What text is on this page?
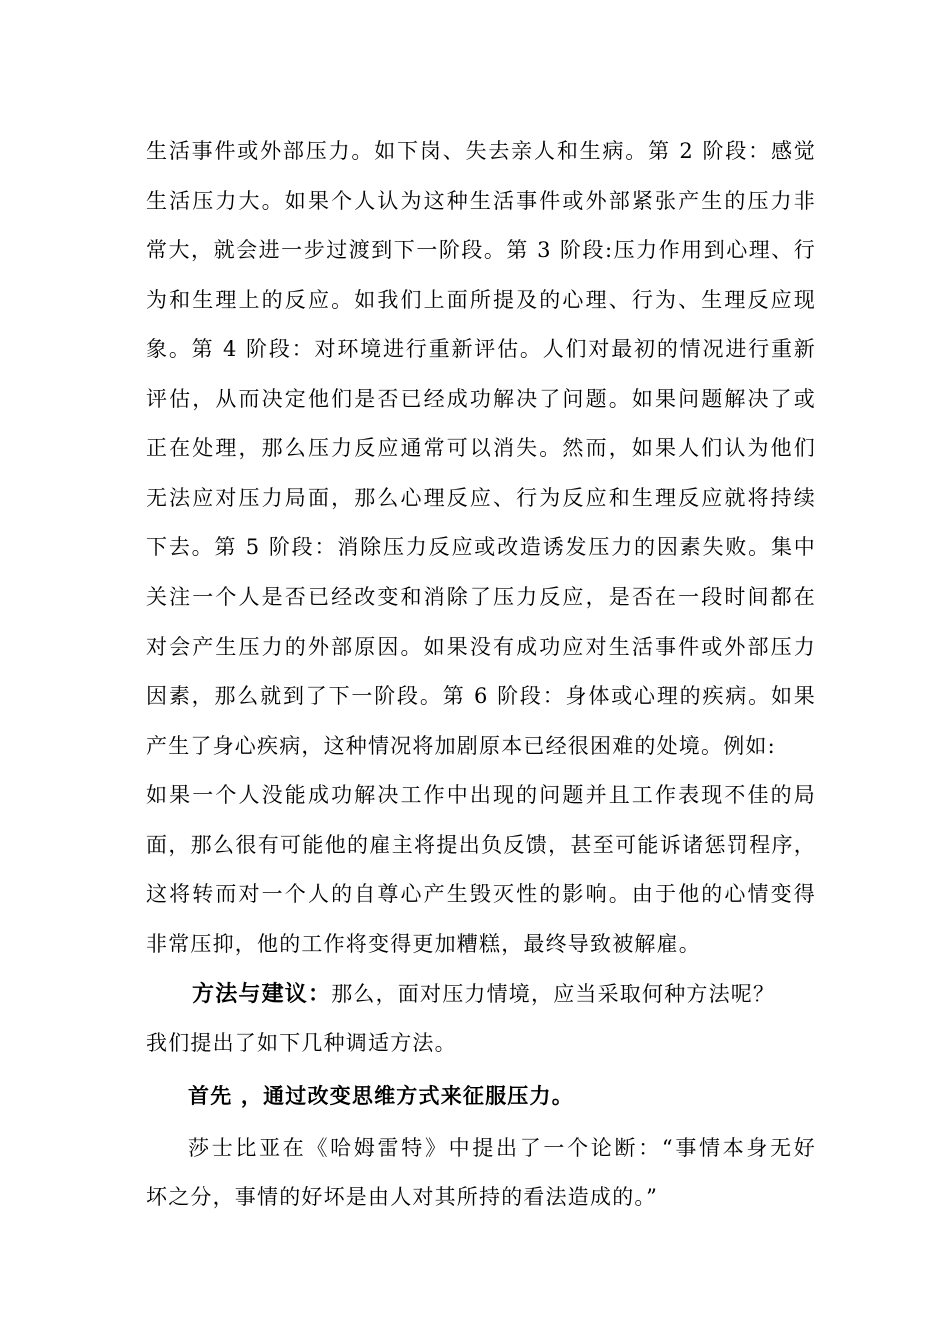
生活事件或外部压力。如下岗、失去亲人和生病。第 2 阶段：感觉
生活压力大。如果个人认为这种生活事件或外部紧张产生的压力非
常大，就会进一步过渡到下一阶段。第 3 阶段:压力作用到心理、行
为和生理上的反应。如我们上面所提及的心理、行为、生理反应现
象。第 4 阶段：对环境进行重新评估。人们对最初的情况进行重新
评估，从而决定他们是否已经成功解决了问题。如果问题解决了或
正在处理，那么压力反应通常可以消失。然而，如果人们认为他们
无法应对压力局面，那么心理反应、行为反应和生理反应就将持续
下去。第 5 阶段：消除压力反应或改造诱发压力的因素失败。集中
关注一个人是否已经改变和消除了压力反应，是否在一段时间都在
对会产生压力的外部原因。如果没有成功应对生活事件或外部压力
因素，那么就到了下一阶段。第 6 阶段：身体或心理的疾病。如果
产生了身心疾病，这种情况将加剧原本已经很困难的处境。例如:
如果一个人没能成功解决工作中出现的问题并且工作表现不佳的局
面，那么很有可能他的雇主将提出负反馈，甚至可能诉诸惩罚程序，
这将转而对一个人的自尊心产生毁灭性的影响。由于他的心情变得
非常压抑，他的工作将变得更加糟糕，最终导致被解雇。
方法与建议：那么，面对压力情境，应当采取何种方法呢？
我们提出了如下几种调适方法。
首先 ，通过改变思维方式来征服压力。
莎士比亚在《哈姆雷特》中提出了一个论断：“事情本身无好
坏之分，事情的好坏是由人对其所持的看法造成的。”
